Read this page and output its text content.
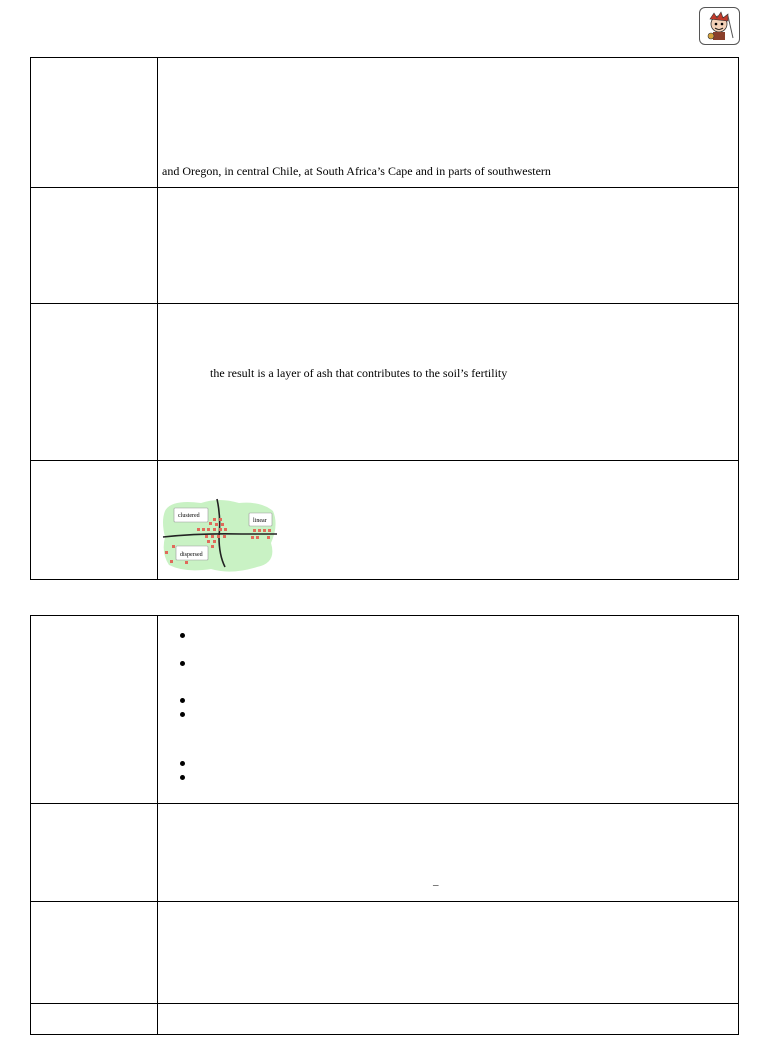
and Oregon, in central Chile, at South Africa’s Cape and in parts of southwestern
the result is a layer of ash that contributes to the soil’s fertility
clustered
linear
dispersed
–
